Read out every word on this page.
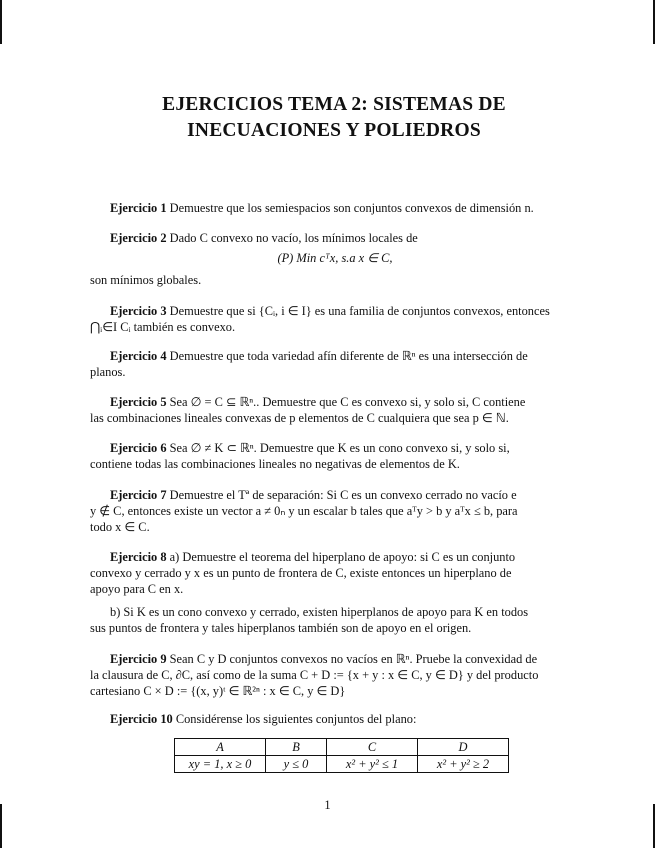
EJERCICIOS TEMA 2: SISTEMAS DE
INECUACIONES Y POLIEDROS
Ejercicio 1 Demuestre que los semiespacios son conjuntos convexos de dimensión n.
Ejercicio 2 Dado C convexo no vacío, los mínimos locales de
(P) Min cᵀx, s.a x ∈ C,
son mínimos globales.
Ejercicio 3 Demuestre que si {Cᵢ, i ∈ I} es una familia de conjuntos convexos, entonces
⋂ᵢ∈I Cᵢ también es convexo.
Ejercicio 4 Demuestre que toda variedad afín diferente de ℝⁿ es una intersección de
planos.
Ejercicio 5 Sea ∅ = C ⊆ ℝⁿ.. Demuestre que C es convexo si, y solo si, C contiene
las combinaciones lineales convexas de p elementos de C cualquiera que sea p ∈ ℕ.
Ejercicio 6 Sea ∅ ≠ K ⊂ ℝⁿ. Demuestre que K es un cono convexo si, y solo si,
contiene todas las combinaciones lineales no negativas de elementos de K.
Ejercicio 7 Demuestre el Tª de separación: Si C es un convexo cerrado no vacío e
y ∉ C, entonces existe un vector a ≠ 0ₙ y un escalar b tales que aᵀy > b y aᵀx ≤ b, para
todo x ∈ C.
Ejercicio 8 a) Demuestre el teorema del hiperplano de apoyo: si C es un conjunto
convexo y cerrado y x es un punto de frontera de C, existe entonces un hiperplano de
apoyo para C en x.
b) Si K es un cono convexo y cerrado, existen hiperplanos de apoyo para K en todos
sus puntos de frontera y tales hiperplanos también son de apoyo en el origen.
Ejercicio 9 Sean C y D conjuntos convexos no vacíos en ℝⁿ. Pruebe la convexidad de
la clausura de C, ∂C, así como de la suma C + D := {x + y : x ∈ C, y ∈ D} y del producto
cartesiano C × D := {(x, y)ᵗ ∈ ℝ²ⁿ : x ∈ C, y ∈ D}
Ejercicio 10 Considérense los siguientes conjuntos del plano:
A	B	C	D
xy = 1, x ≥ 0	y ≤ 0	x² + y² ≤ 1	x² + y² ≥ 2
1
